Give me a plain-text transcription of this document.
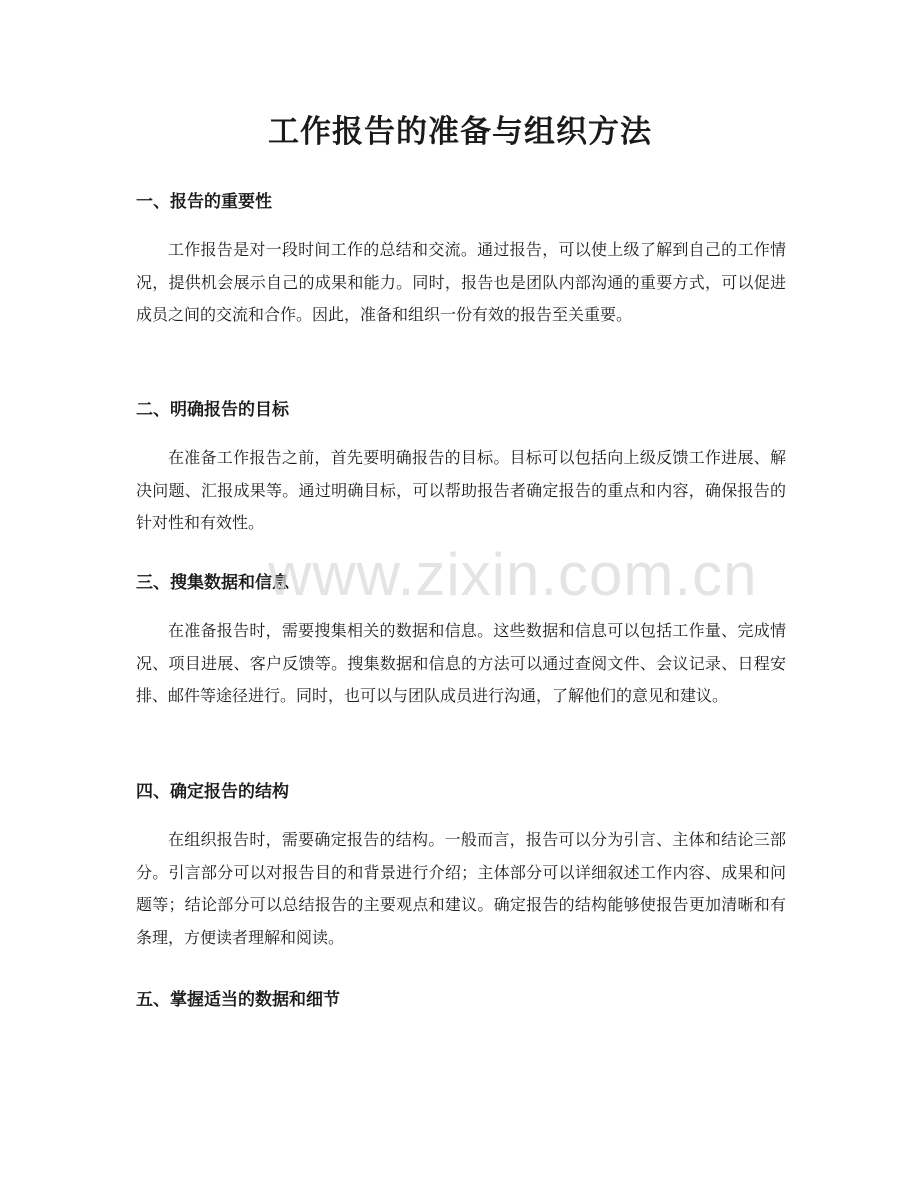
工作报告的准备与组织方法
一、报告的重要性

工作报告是对一段时间工作的总结和交流。通过报告，可以使上级了解到自己的工作情况，提供机会展示自己的成果和能力。同时，报告也是团队内部沟通的重要方式，可以促进成员之间的交流和合作。因此，准备和组织一份有效的报告至关重要。

二、明确报告的目标

在准备工作报告之前，首先要明确报告的目标。目标可以包括向上级反馈工作进展、解决问题、汇报成果等。通过明确目标，可以帮助报告者确定报告的重点和内容，确保报告的针对性和有效性。

三、搜集数据和信息

在准备报告时，需要搜集相关的数据和信息。这些数据和信息可以包括工作量、完成情况、项目进展、客户反馈等。搜集数据和信息的方法可以通过查阅文件、会议记录、日程安排、邮件等途径进行。同时，也可以与团队成员进行沟通，了解他们的意见和建议。

四、确定报告的结构

在组织报告时，需要确定报告的结构。一般而言，报告可以分为引言、主体和结论三部分。引言部分可以对报告目的和背景进行介绍；主体部分可以详细叙述工作内容、成果和问题等；结论部分可以总结报告的主要观点和建议。确定报告的结构能够使报告更加清晰和有条理，方便读者理解和阅读。

五、掌握适当的数据和细节
www.zixin.com.cn
